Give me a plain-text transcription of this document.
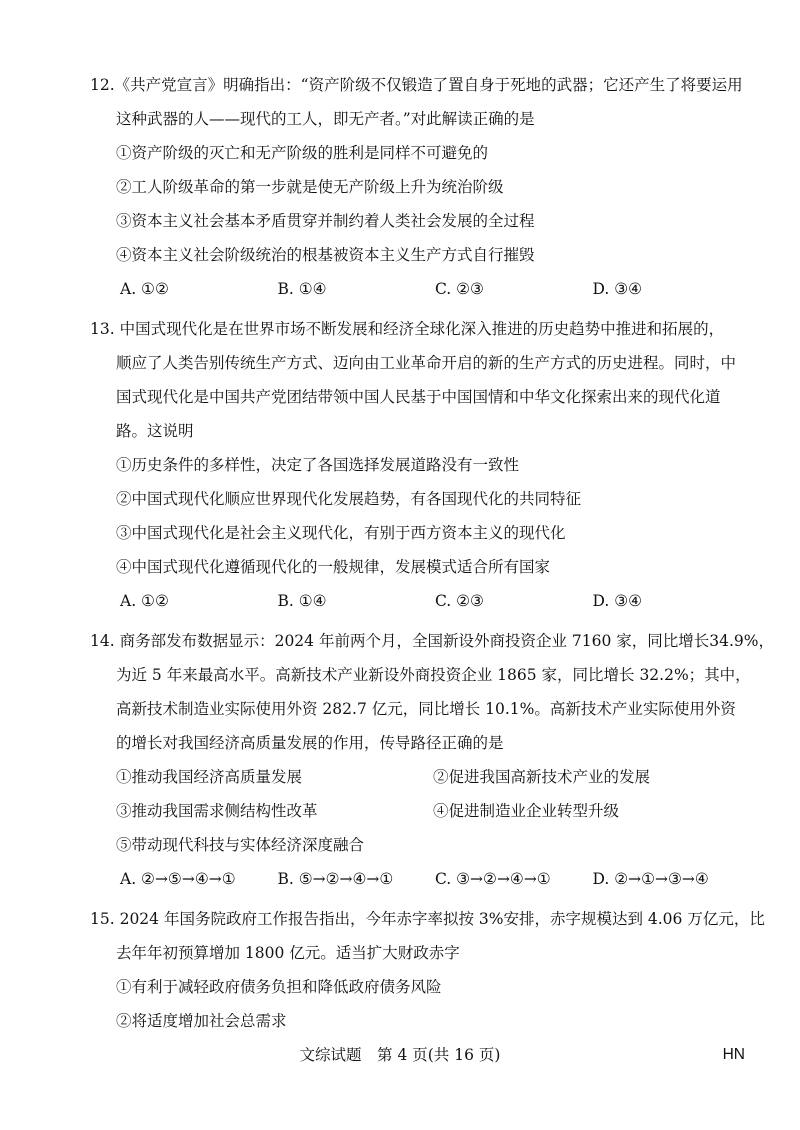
12.《共产党宣言》明确指出：“资产阶级不仅锻造了置自身于死地的武器；它还产生了将要运用
这种武器的人——现代的工人，即无产者。”对此解读正确的是
①资产阶级的灭亡和无产阶级的胜利是同样不可避免的
②工人阶级革命的第一步就是使无产阶级上升为统治阶级
③资本主义社会基本矛盾贯穿并制约着人类社会发展的全过程
④资本主义社会阶级统治的根基被资本主义生产方式自行摧毁
A. ①②	B. ①④	C. ②③	D. ③④
13. 中国式现代化是在世界市场不断发展和经济全球化深入推进的历史趋势中推进和拓展的，
顺应了人类告别传统生产方式、迈向由工业革命开启的新的生产方式的历史进程。同时，中
国式现代化是中国共产党团结带领中国人民基于中国国情和中华文化探索出来的现代化道
路。这说明
①历史条件的多样性，决定了各国选择发展道路没有一致性
②中国式现代化顺应世界现代化发展趋势，有各国现代化的共同特征
③中国式现代化是社会主义现代化，有别于西方资本主义的现代化
④中国式现代化遵循现代化的一般规律，发展模式适合所有国家
A. ①②	B. ①④	C. ②③	D. ③④
14. 商务部发布数据显示：2024 年前两个月，全国新设外商投资企业 7160 家，同比增长34.9%，
为近 5 年来最高水平。高新技术产业新设外商投资企业 1865 家，同比增长 32.2%；其中，
高新技术制造业实际使用外资 282.7 亿元，同比增长 10.1%。高新技术产业实际使用外资
的增长对我国经济高质量发展的作用，传导路径正确的是
①推动我国经济高质量发展	②促进我国高新技术产业的发展
③推动我国需求侧结构性改革	④促进制造业企业转型升级
⑤带动现代科技与实体经济深度融合
A. ②→⑤→④→①	B. ⑤→②→④→①	C. ③→②→④→①	D. ②→①→③→④
15. 2024 年国务院政府工作报告指出，今年赤字率拟按 3%安排，赤字规模达到 4.06 万亿元，比
去年年初预算增加 1800 亿元。适当扩大财政赤字
①有利于减轻政府债务负担和降低政府债务风险
②将适度增加社会总需求
文综试题　第 4 页(共 16 页)	HN
